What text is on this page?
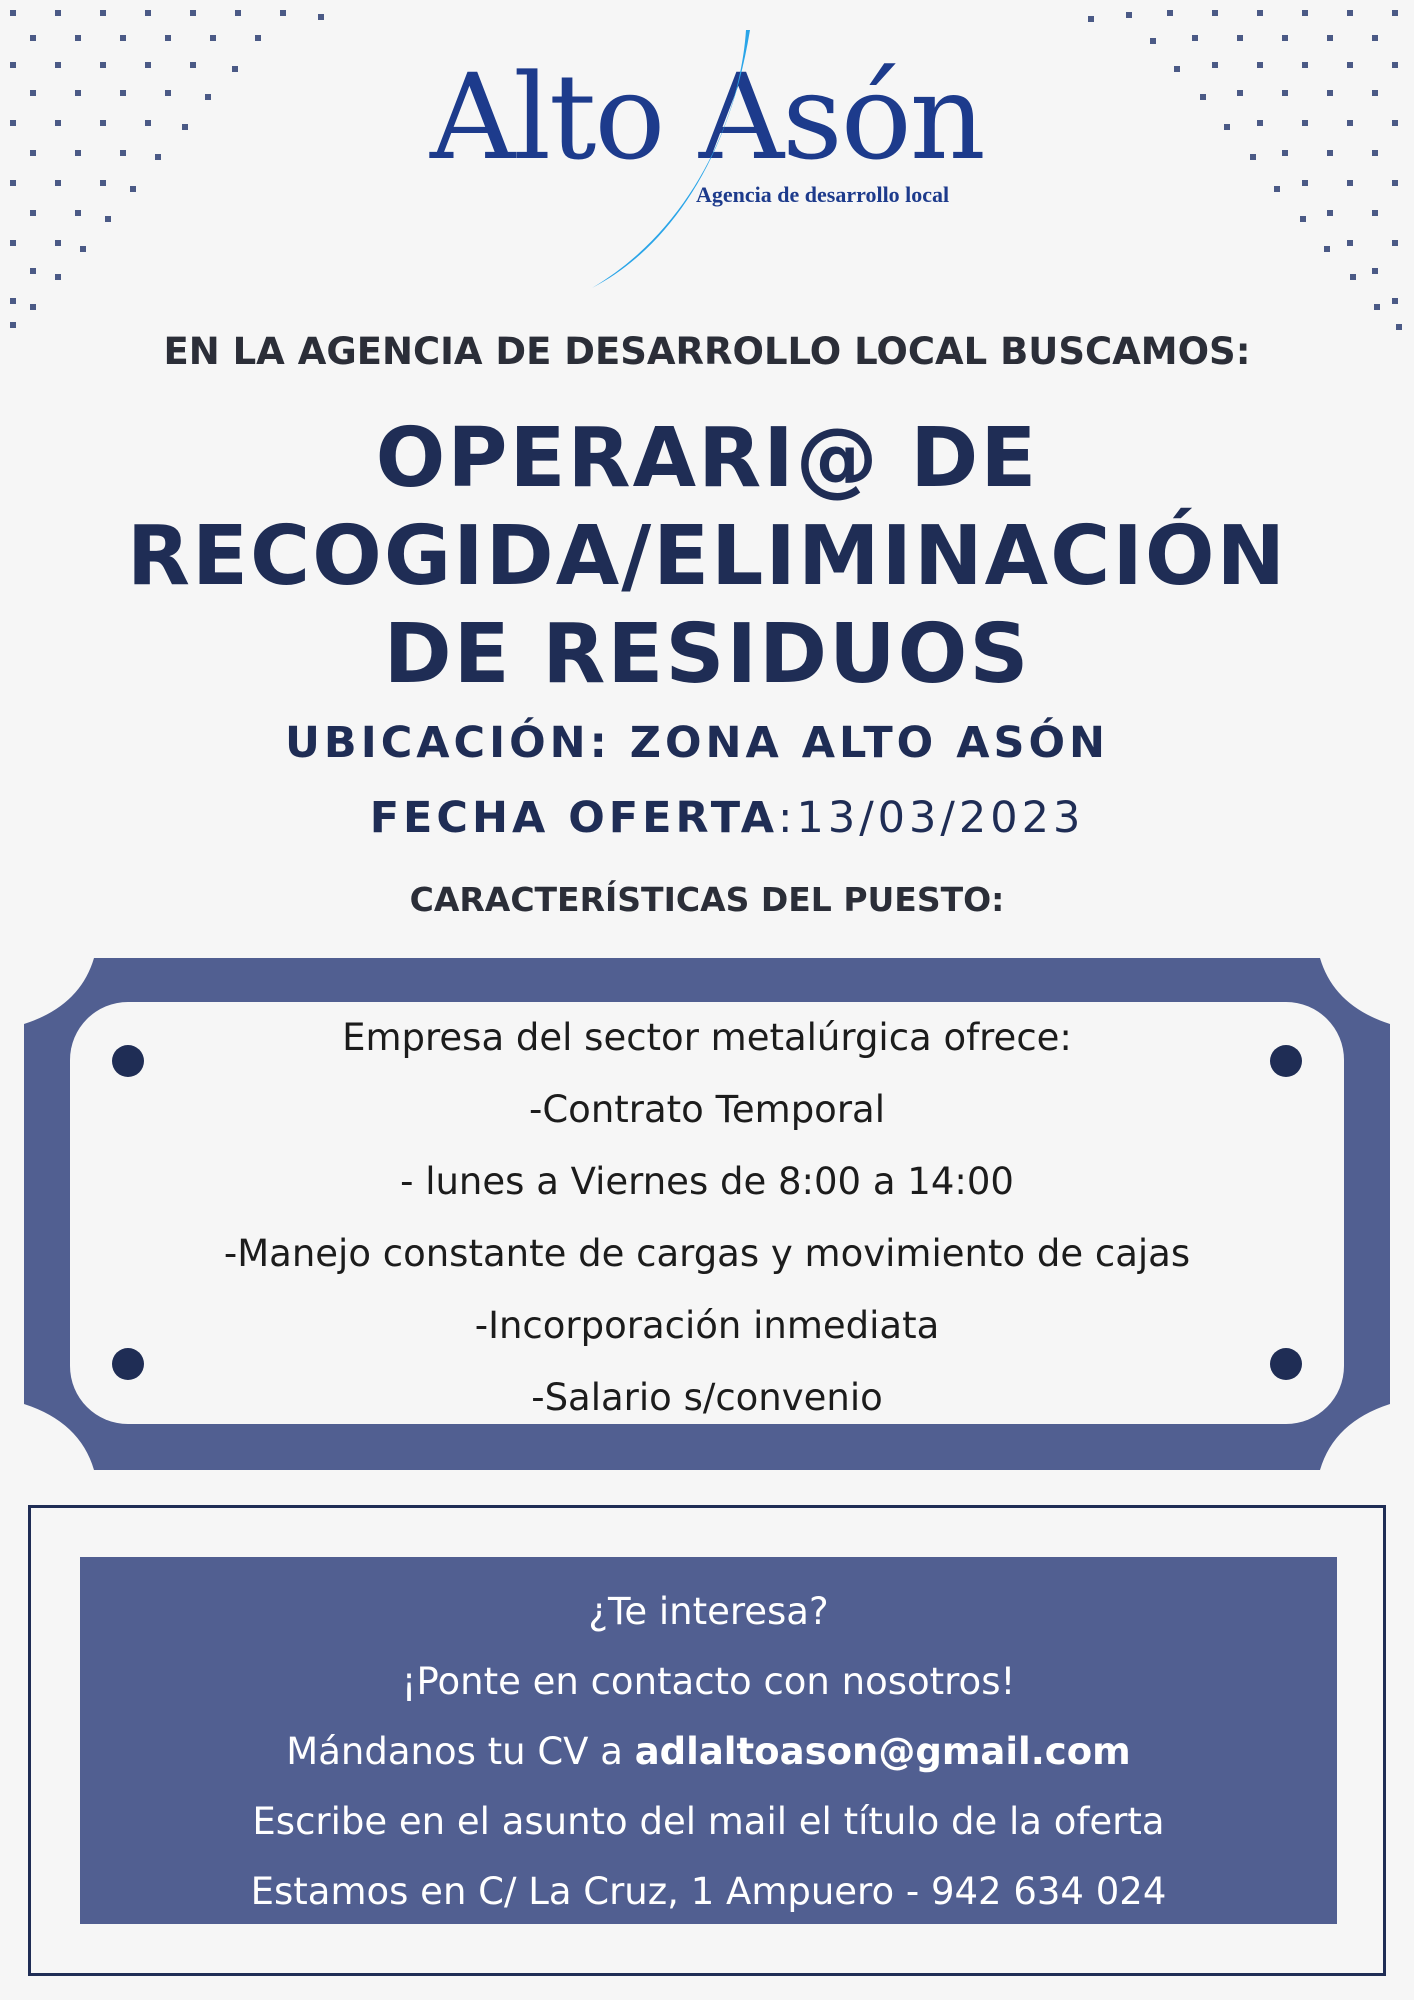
Alto Asón
Agencia de desarrollo local
EN LA AGENCIA DE DESARROLLO LOCAL BUSCAMOS:
OPERARI@ DE
RECOGIDA/ELIMINACIÓN
DE RESIDUOS
UBICACIÓN: ZONA ALTO ASÓN
FECHA OFERTA:13/03/2023
CARACTERÍSTICAS DEL PUESTO:
Empresa del sector metalúrgica ofrece:
-Contrato Temporal
- lunes a Viernes de 8:00 a 14:00
-Manejo constante de cargas y movimiento de cajas
-Incorporación inmediata
-Salario s/convenio
¿Te interesa?
¡Ponte en contacto con nosotros!
Mándanos tu CV a adlaltoason@gmail.com
Escribe en el asunto del mail el título de la oferta
Estamos en C/ La Cruz, 1 Ampuero - 942 634 024
